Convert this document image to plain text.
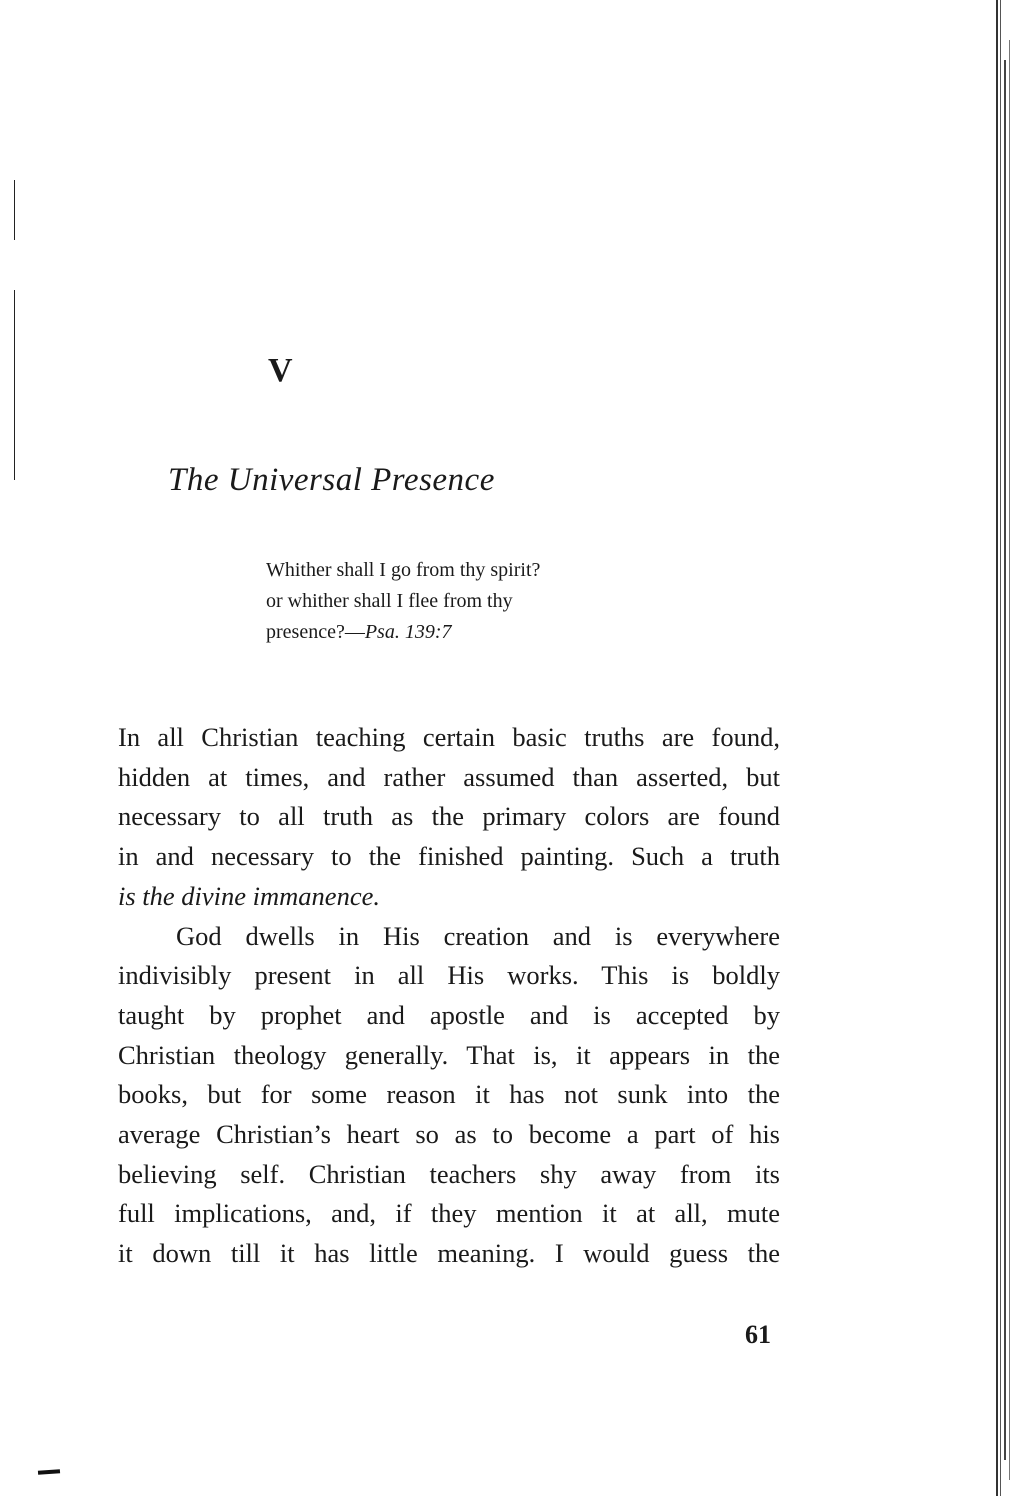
V
The Universal Presence
Whither shall I go from thy spirit?
or whither shall I flee from thy
presence?—Psa. 139:7
In all Christian teaching certain basic truths are found,
hidden at times, and rather assumed than asserted, but
necessary to all truth as the primary colors are found
in and necessary to the finished painting. Such a truth
is the divine immanence.
God dwells in His creation and is everywhere
indivisibly present in all His works. This is boldly
taught by prophet and apostle and is accepted by
Christian theology generally. That is, it appears in the
books, but for some reason it has not sunk into the
average Christian’s heart so as to become a part of his
believing self. Christian teachers shy away from its
full implications, and, if they mention it at all, mute
it down till it has little meaning. I would guess the
61
